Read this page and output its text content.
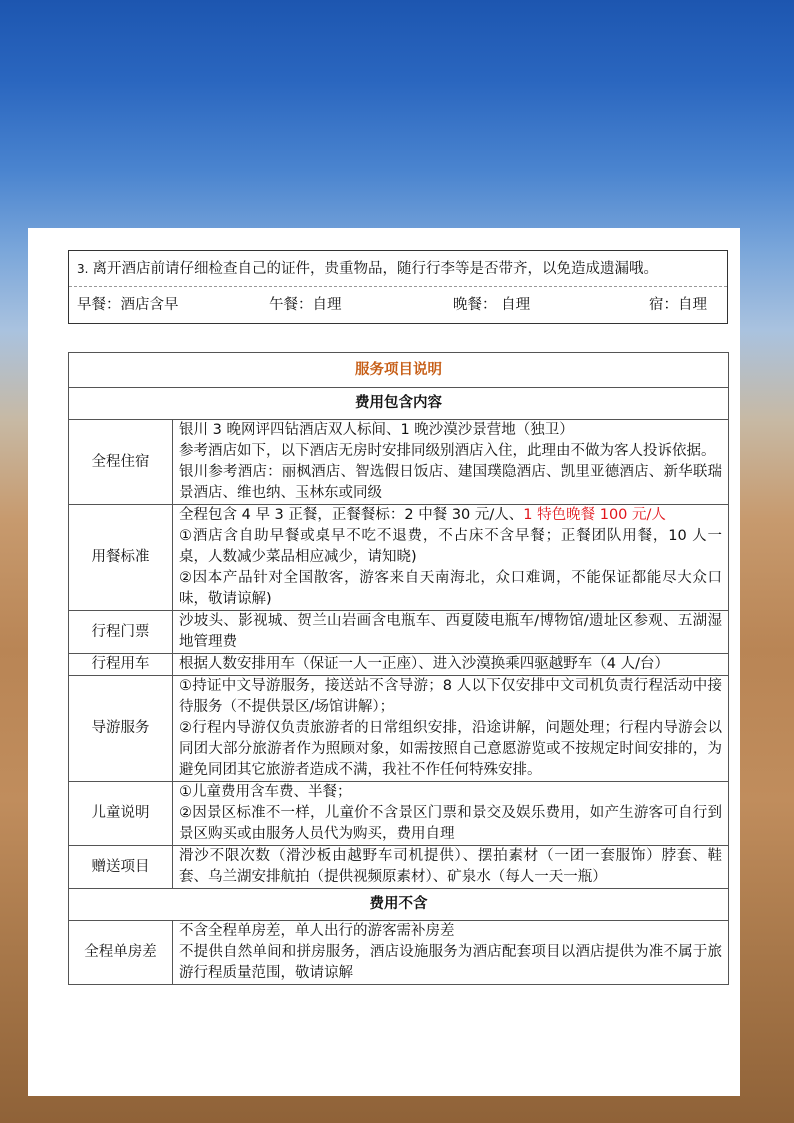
3. 离开酒店前请仔细检查自己的证件，贵重物品，随行行李等是否带齐，以免造成遗漏哦。
早餐：酒店含早	午餐：自理	晚餐： 自理	宿：自理
服务项目说明	
费用包含内容	
全程住宿	银川 3 晚网评四钻酒店双人标间、1 晚沙漠沙景营地（独卫）
参考酒店如下，以下酒店无房时安排同级别酒店入住，此理由不做为客人投诉依据。
银川参考酒店：丽枫酒店、智选假日饭店、建国璞隐酒店、凯里亚德酒店、新华联瑞景酒店、维也纳、玉林东或同级

用餐标准	全程包含 4 早 3 正餐，正餐餐标：2 中餐 30 元/人、1 特色晚餐 100 元/人
①酒店含自助早餐或桌早不吃不退费，不占床不含早餐；正餐团队用餐，10 人一桌，人数减少菜品相应减少，请知晓)
②因本产品针对全国散客，游客来自天南海北，众口难调，不能保证都能尽大众口味，敬请谅解)

行程门票	沙坡头、影视城、贺兰山岩画含电瓶车、西夏陵电瓶车/博物馆/遗址区参观、五湖湿地管理费

行程用车	根据人数安排用车（保证一人一正座）、进入沙漠换乘四驱越野车（4 人/台）

导游服务	①持证中文导游服务，接送站不含导游；8 人以下仅安排中文司机负责行程活动中接待服务（不提供景区/场馆讲解）；
②行程内导游仅负责旅游者的日常组织安排，沿途讲解，问题处理；行程内导游会以同团大部分旅游者作为照顾对象，如需按照自己意愿游览或不按规定时间安排的，为避免同团其它旅游者造成不满，我社不作任何特殊安排。

儿童说明	①儿童费用含车费、半餐；
②因景区标准不一样，儿童价不含景区门票和景交及娱乐费用，如产生游客可自行到景区购买或由服务人员代为购买，费用自理

赠送项目	滑沙不限次数（滑沙板由越野车司机提供）、摆拍素材（一团一套服饰）脖套、鞋套、乌兰湖安排航拍（提供视频原素材）、矿泉水（每人一天一瓶）

费用不含	
全程单房差	不含全程单房差，单人出行的游客需补房差
不提供自然单间和拼房服务，酒店设施服务为酒店配套项目以酒店提供为准不属于旅游行程质量范围，敬请谅解
